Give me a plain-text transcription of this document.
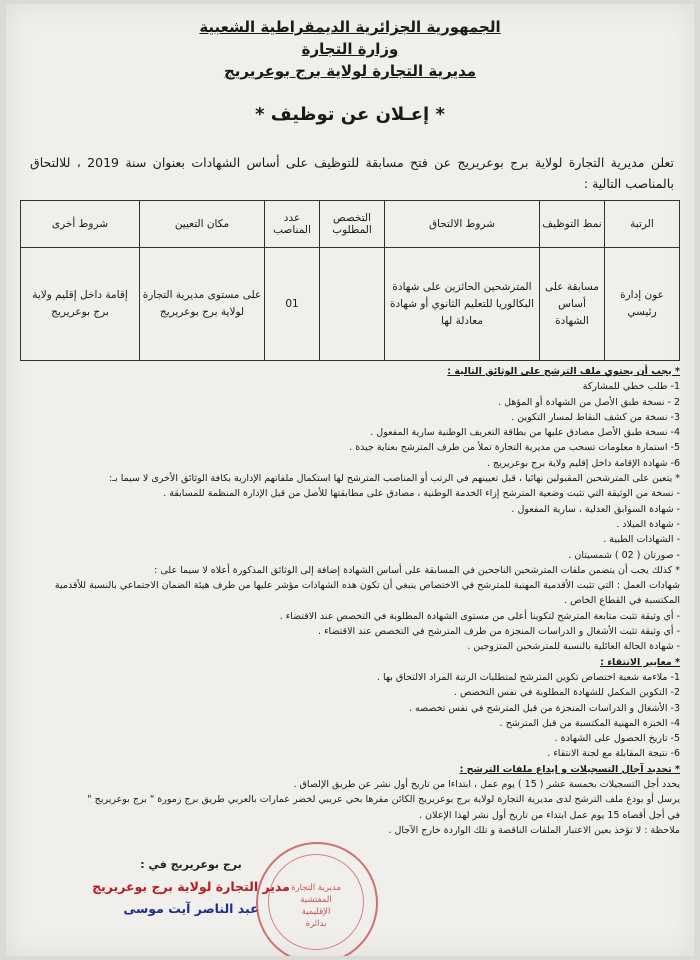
الجمهورية الجزائرية الديمقراطية الشعبية
وزارة التجارة
مديرية التجارة لولاية برج بوعريريج
* إعـلان عن توظيف *
تعلن مديرية التجارة لولاية برج بوعريريج عن فتح مسابقة للتوظيف على أساس الشهادات بعنوان سنة 2019 ، للالتحاق بالمناصب التالية :
الرتبة	نمط التوظيف	شروط الالتحاق	التخصص المطلوب	عدد المناصب	مكان التعيين	شروط أخرى
عون إدارة رئيسي	مسابقة على أساس الشهادة	المترشحين الحائزين على شهادة البكالوريا للتعليم الثانوي أو شهادة معادلة لها		01	على مستوى مديرية التجارة لولاية برج بوعريريج	إقامة داخل إقليم ولاية برج بوعريريج
* يجب أن يحتوي ملف الترشح على الوثائق التالية :
1- طلب خطي للمشاركة
2 - نسخة طبق الأصل من الشهادة أو المؤهل .
3- نسخة من كشف النقاط لمسار التكوين .
4- نسخة طبق الأصل مصادق عليها من بطاقة التعريف الوطنية سارية المفعول .
5- استمارة معلومات تسحب من مديرية التجارة تملأ من طرف المترشح بعناية جيدة .
6- شهادة الإقامة داخل إقليم ولاية برج بوعريريج .
* يتعين على المترشحين المقبولين نهائيا ، قبل تعيينهم في الرتب أو المناصب المترشح لها استكمال ملفاتهم الإدارية بكافة الوثائق الأخرى لا سيما بـ:
- نسخة من الوثيقة التي تثبت وضعية المترشح إزاء الخدمة الوطنية ، مصادق على مطابقتها للأصل من قبل الإدارة المنظمة للمسابقة .
- شهادة السوابق العدلية ، سارية المفعول .
- شهادة الميلاد .
- الشهادات الطبية .
- صورتان ( 02 ) شمسيتان .
* كذلك يجب أن يتضمن ملفات المترشحين الناجحين في المسابقة على أساس الشهادة إضافة إلى الوثائق المذكورة أعلاه لا سيما على :
شهادات العمل : التي تثبت الأقدمية المهنية للمترشح في الاختصاص ينبغي أن تكون هذه الشهادات مؤشر عليها من طرف هيئة الضمان الاجتماعي بالنسبة للأقدمية
المكتسبة في القطاع الخاص .
- أي وثيقة تثبت متابعة المترشح لتكوينا أعلى من مستوى الشهادة المطلوبة في التخصص عند الاقتضاء .
- أي وثيقة تثبت الأشغال و الدراسات المنجزة من طرف المترشح في التخصص عند الاقتضاء .
- شهادة الحالة العائلية بالنسبة للمترشحين المتزوجين .
* معايير الانتقاء :
1- ملاءمة شعبة اختصاص تكوين المترشح لمتطلبات الرتبة المراد الالتحاق بها .
2- التكوين المكمل للشهادة المطلوبة في نفس التخصص .
3- الأشغال و الدراسات المنجزة من قبل المترشح في نفس تخصصه .
4- الخبرة المهنية المكتسبة من قبل المترشح .
5- تاريخ الحصول على الشهادة .
6- نتيجة المقابلة مع لجنة الانتقاء .
* تحديد آجال التسجيلات و إيداع ملفات الترشح :
يحدد أجل التسجيلات بخمسة عشر ( 15 ) يوم عمل ، ابتداءا من تاريخ أول نشر عن طريق الإلصاق .
يرسل أو يودع ملف الترشح لدى مديرية التجارة لولاية برج بوعريريج الكائن مقرها بحي عريبي لخضر عمارات بالعربي طريق برج زمورة " برج بوعريريج "
في أجل أقصاه 15 يوم عمل ابتداء من تاريخ أول نشر لهذا الإعلان .
ملاحظة : لا تؤخذ بعين الاعتبار الملفات الناقصة و تلك الواردة خارج الآجال .
مديرية التجارة
المفتشية
الإقليمية
بدائرة
برج بوعريريج في :
مدير التجارة لولاية برج بوعريريج
عبد الناصر آيت موسى
